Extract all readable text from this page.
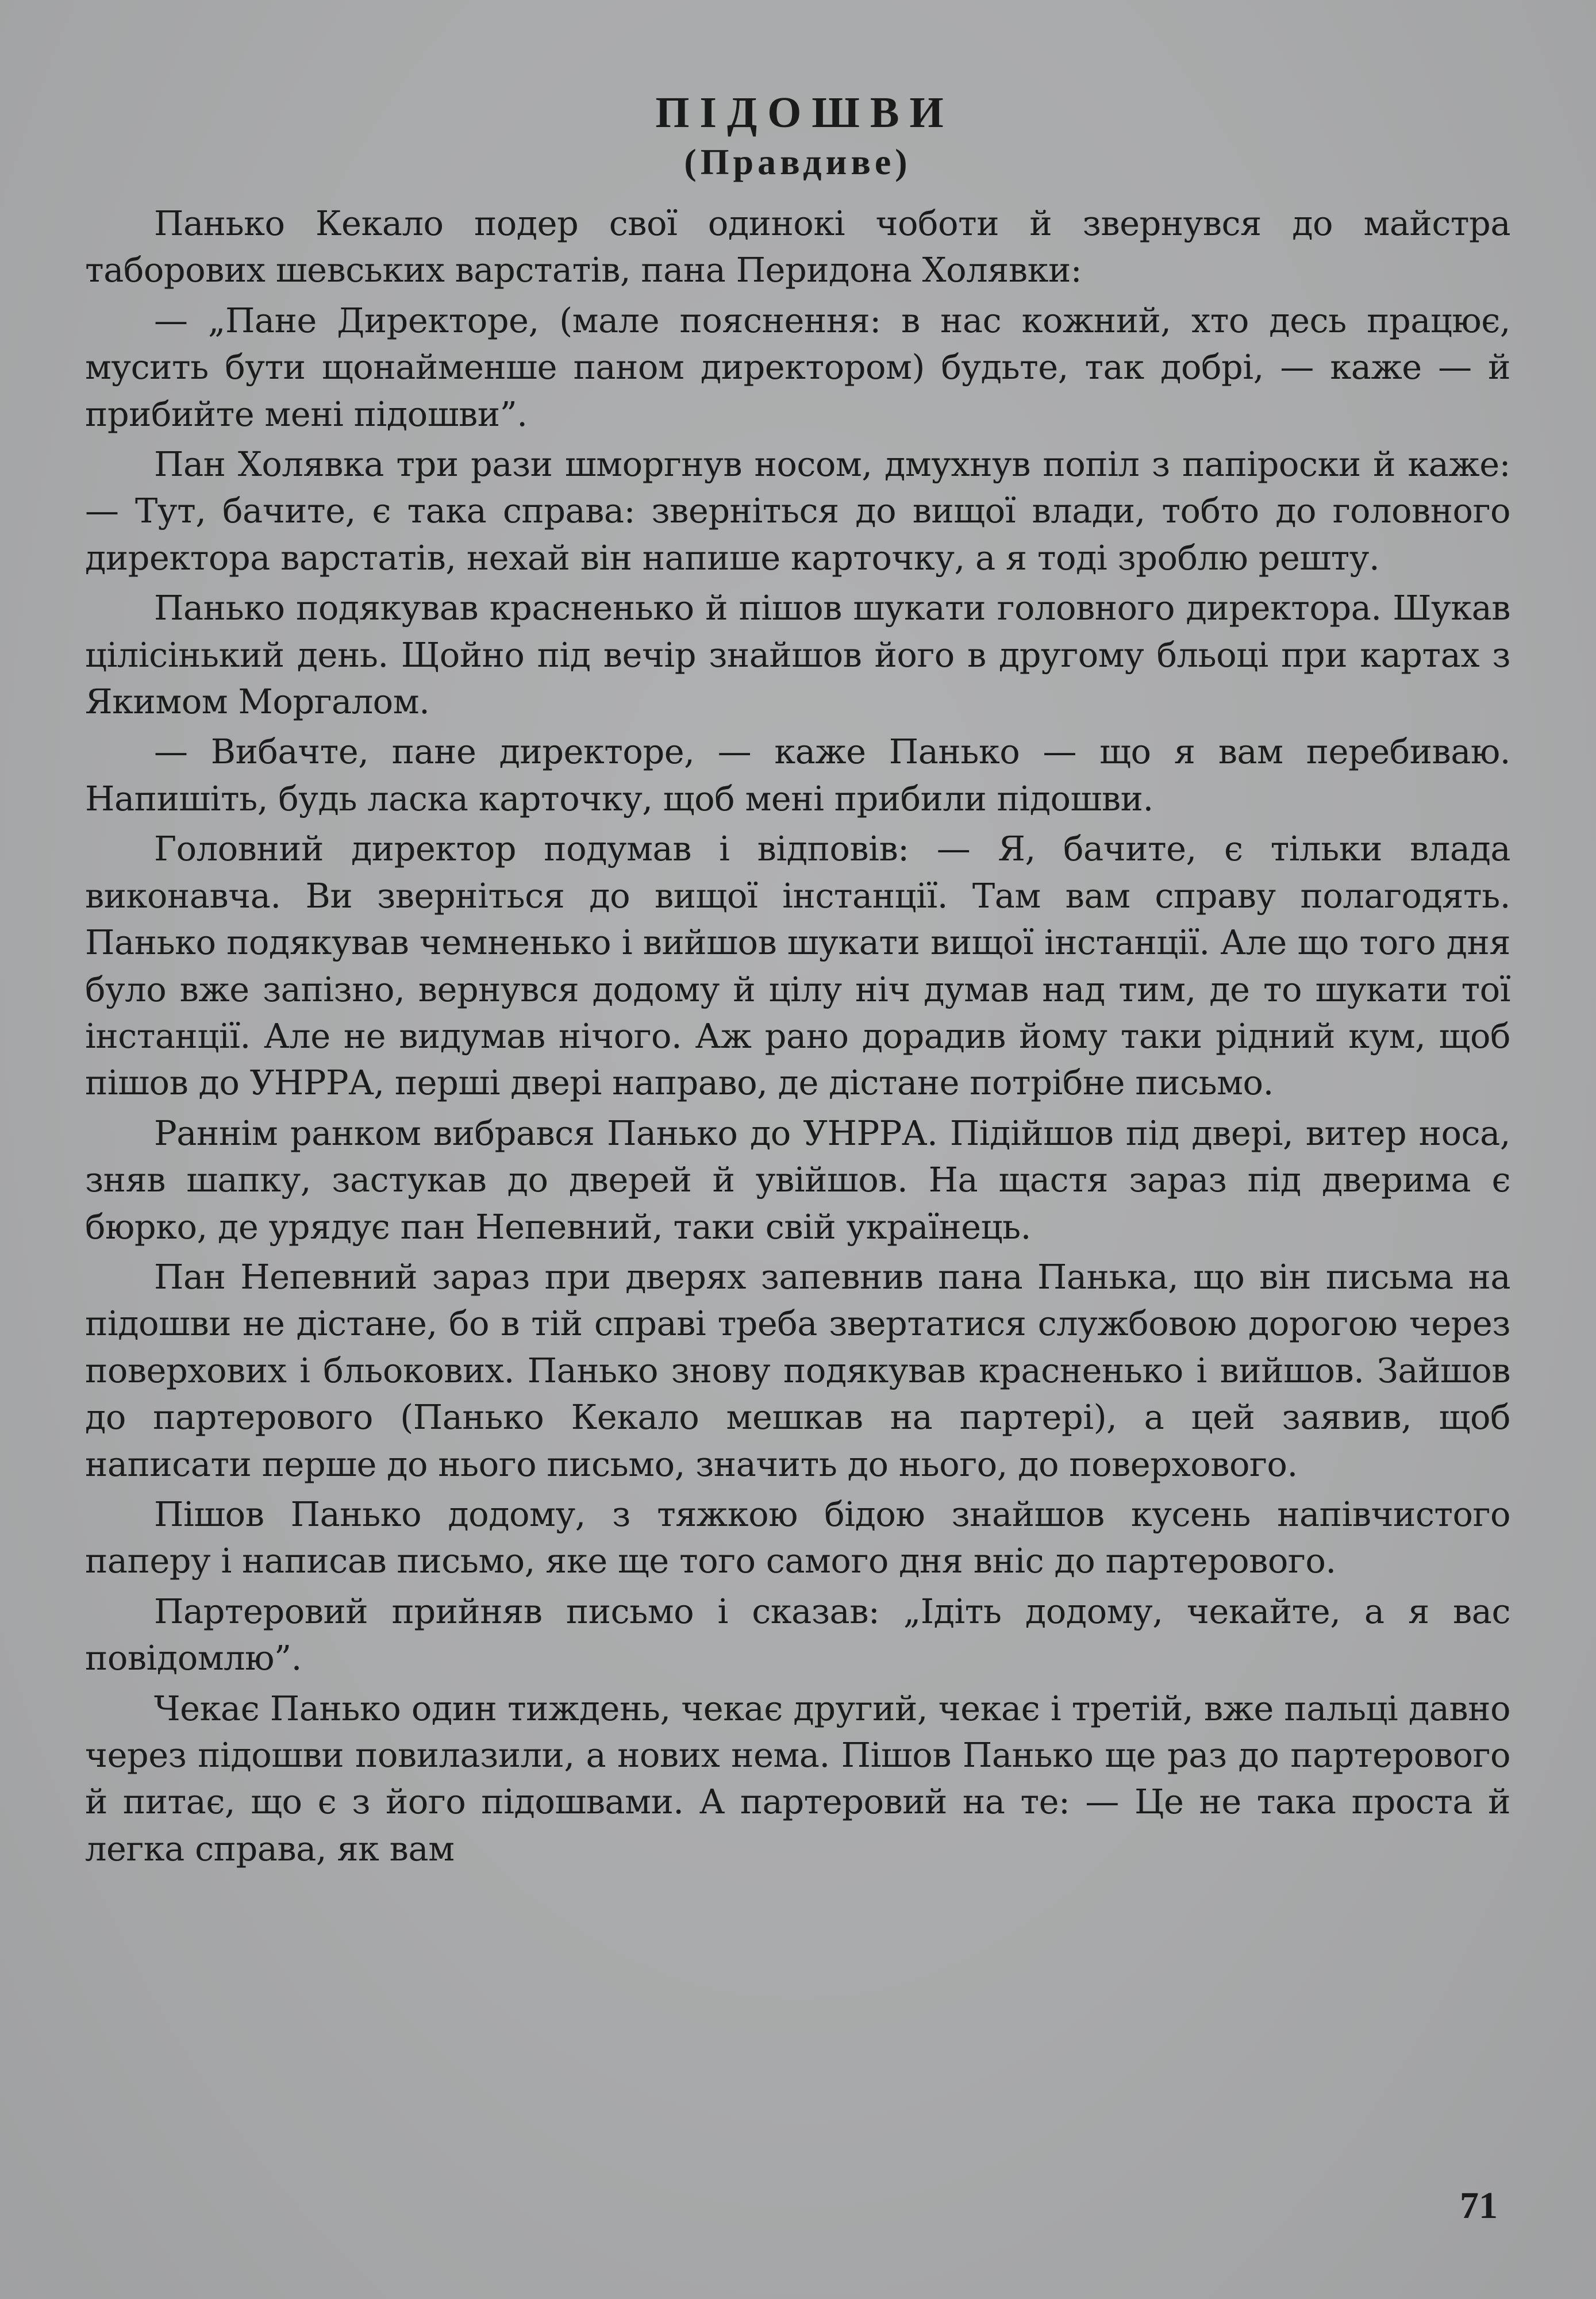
ПІДОШВИ
(Правдиве)

Панько Кекало подер свої одинокі чоботи й звернувся до майстра таборових шевських варстатів, пана Перидона Холявки:

— „Пане Директоре, (мале пояснення: в нас кожний, хто десь працює, мусить бути щонайменше паном директором) будьте, так добрі, — каже — й прибийте мені підошви”.

Пан Холявка три рази шморгнув носом, дмухнув попіл з папіроски й каже: — Тут, бачите, є така справа: зверніться до вищої влади, тобто до головного директора варстатів, нехай він напише карточку, а я тоді зроблю решту.

Панько подякував красненько й пішов шукати головного директора. Шукав цілісінький день. Щойно під вечір знайшов його в другому бльоці при картах з Якимом Моргалом.

— Вибачте, пане директоре, — каже Панько — що я вам перебиваю. Напишіть, будь ласка карточку, щоб мені прибили підошви.

Головний директор подумав і відповів: — Я, бачите, є тільки влада виконавча. Ви зверніться до вищої інстанції. Там вам справу полагодять. Панько подякував чемненько і вийшов шукати вищої інстанції. Але що того дня було вже запізно, вернувся додому й цілу ніч думав над тим, де то шукати тої інстанції. Але не видумав нічого. Аж рано дорадив йому таки рідний кум, щоб пішов до УНРРА, перші двері направо, де дістане потрібне письмо.

Раннім ранком вибрався Панько до УНРРА. Підійшов під двері, витер носа, зняв шапку, застукав до дверей й увійшов. На щастя зараз під дверима є бюрко, де урядує пан Непевний, таки свій українець.

Пан Непевний зараз при дверях запевнив пана Панька, що він письма на підошви не дістане, бо в тій справі треба звертатися службовою дорогою через поверхових і бльокових. Панько знову подякував красненько і вийшов. Зайшов до партерового (Панько Кекало мешкав на партері), а цей заявив, щоб написати перше до нього письмо, значить до нього, до поверхового.

Пішов Панько додому, з тяжкою бідою знайшов кусень напівчистого паперу і написав письмо, яке ще того самого дня вніс до партерового.

Партеровий прийняв письмо і сказав: „Ідіть додому, чекайте, а я вас повідомлю”.

Чекає Панько один тиждень, чекає другий, чекає і третій, вже пальці давно через підошви повилазили, а нових нема. Пішов Панько ще раз до партерового й питає, що є з його підошвами. А партеровий на те: — Це не така проста й легка справа, як вам

71
